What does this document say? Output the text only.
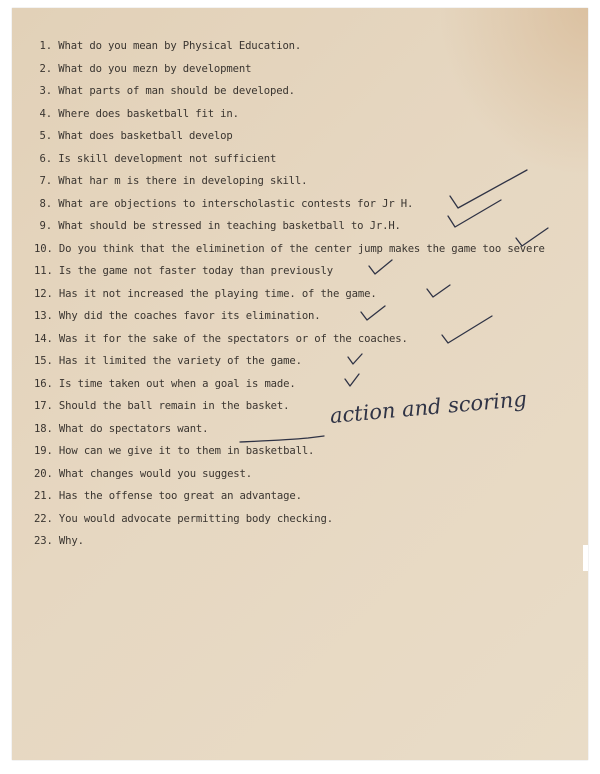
1. What do you mean by Physical Education.
2. What do you mezn by development
3. What parts of man should be developed.
4. Where does basketball fit in.
5. What does basketball develop
6. Is skill development not sufficient
7. What har m is there in developing skill.
8. What are objections to interscholastic contests for Jr H.
9. What should be stressed in teaching basketball to Jr.H.
10. Do you think that the eliminetion of the center jump makes the game too severe
11. Is the game not faster today than previously
12. Has it not increased the playing time. of the game.
13. Why did the coaches favor its elimination.
14. Was it for the sake of the spectators or of the coaches.
15. Has it limited the variety of the game.
16. Is time taken out when a goal is made.
17. Should the ball remain in the basket.
18. What do spectators want.
19. How can we give it to them in basketball.
20. What changes would you suggest.
21. Has the offense too great an advantage.
22. You would advocate permitting body checking.
23. Why.
action and scoring
